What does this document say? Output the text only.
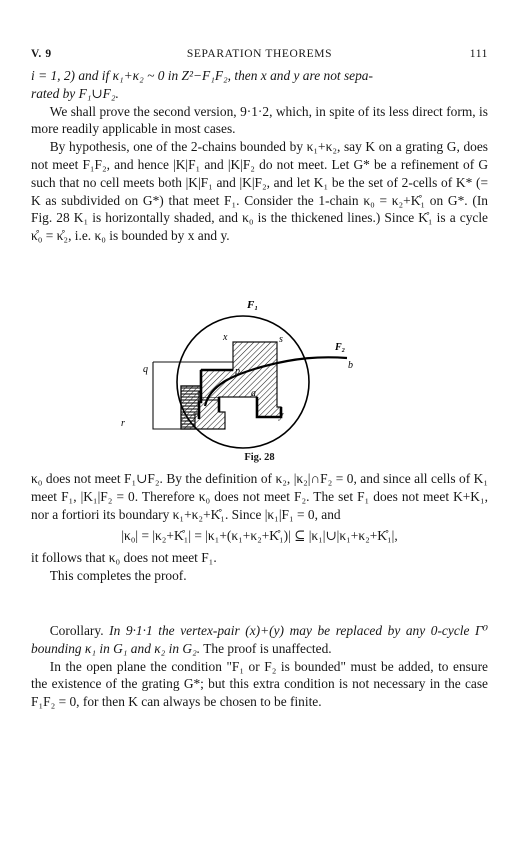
V. 9	SEPARATION THEOREMS	111

i = 1, 2) and if κ₁+κ₂ ~ 0 in Z²−F₁F₂, then x and y are not sepa-

rated by F₁∪F₂.

We shall prove the second version, 9·1·2, which, in spite of its less direct form, is more readily applicable in most cases.

By hypothesis, one of the 2-chains bounded by κ₁+κ₂, say K on a grating G, does not meet F₁F₂, and hence |K|F₁ and |K|F₂ do not meet. Let G* be a refinement of G such that no cell meets both |K|F₁ and |K|F₂, and let K₁ be the set of 2-cells of K* (= K as subdivided on G*) that meet F₁. Consider the 1-chain κ₀ = κ₂+K̊₁ on G*. (In Fig. 28 K₁ is horizontally shaded, and κ₀ is the thickened lines.) Since K̊₁ is a cycle κ̊₀ = κ̊₂, i.e. κ₀ is bounded by x and y.

F₁
F₂
x	s
q	p
a
b
r
y
Fig. 28

κ₀ does not meet F₁∪F₂. By the definition of κ₂, |κ₂|∩F₂ = 0, and since all cells of K₁ meet F₁, |K₁|F₂ = 0. Therefore κ₀ does not meet F₂. The set F₁ does not meet K+K₁, nor a fortiori its boundary κ₁+κ₂+K̊₁. Since |κ₁|F₁ = 0, and

|κ₀| = |κ₂+K̊₁| = |κ₁+(κ₁+κ₂+K̊₁)| ⊆ |κ₁|∪|κ₁+κ₂+K̊₁|,

it follows that κ₀ does not meet F₁.

This completes the proof.

Corollary. In 9·1·1 the vertex-pair (x)+(y) may be replaced by any 0-cycle Γ⁰ bounding κ₁ in G₁ and κ₂ in G₂. The proof is unaffected.

In the open plane the condition "F₁ or F₂ is bounded" must be added, to ensure the existence of the grating G*; but this extra condition is not necessary in the case F₁F₂ = 0, for then K can always be chosen to be finite.
